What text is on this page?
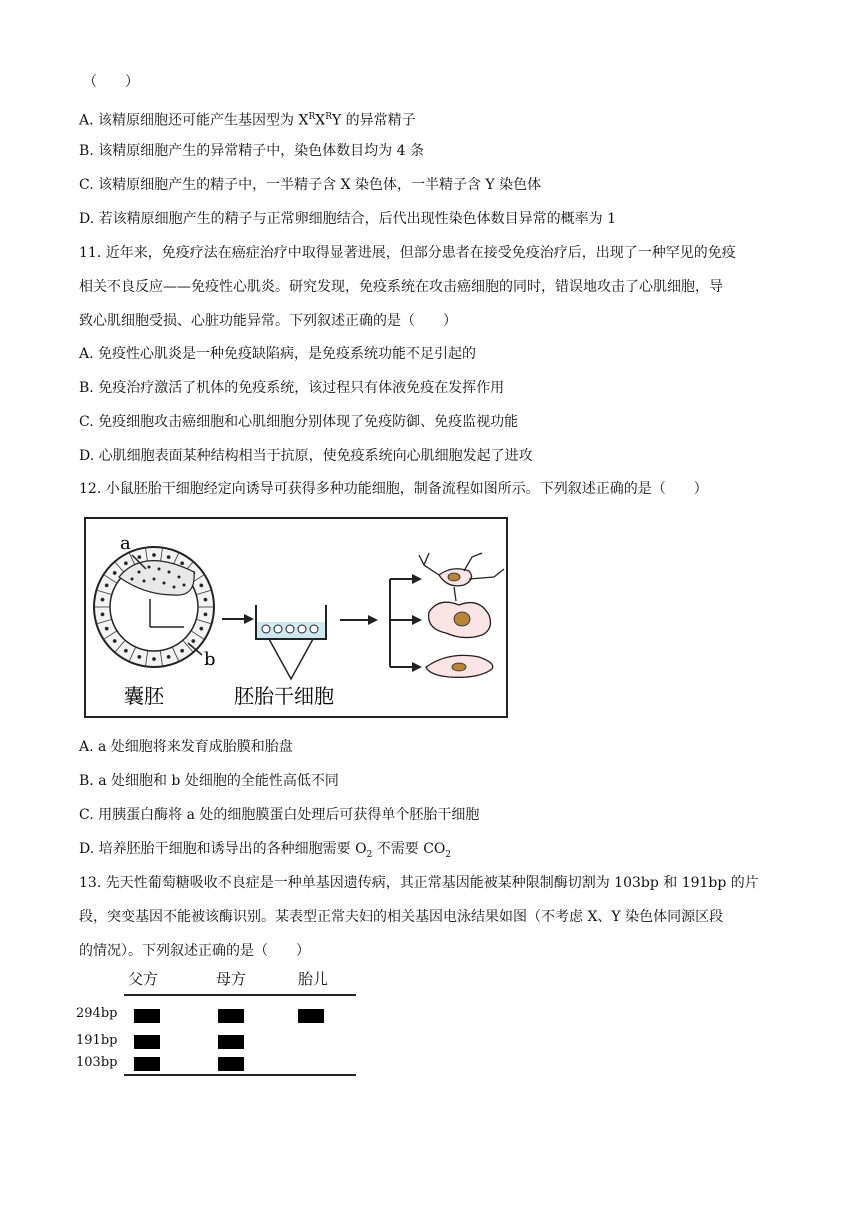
（　　）
A. 该精原细胞还可能产生基因型为 $X^RX^RY$ 的异常精子
B. 该精原细胞产生的异常精子中，染色体数目均为 4 条
C. 该精原细胞产生的精子中，一半精子含 X 染色体，一半精子含 Y 染色体
D. 若该精原细胞产生的精子与正常卵细胞结合，后代出现性染色体数目异常的概率为 1
11. 近年来，免疫疗法在癌症治疗中取得显著进展，但部分患者在接受免疫治疗后，出现了一种罕见的免疫
相关不良反应——免疫性心肌炎。研究发现，免疫系统在攻击癌细胞的同时，错误地攻击了心肌细胞，导
致心肌细胞受损、心脏功能异常。下列叙述正确的是（　　）
A. 免疫性心肌炎是一种免疫缺陷病，是免疫系统功能不足引起的
B. 免疫治疗激活了机体的免疫系统，该过程只有体液免疫在发挥作用
C. 免疫细胞攻击癌细胞和心肌细胞分别体现了免疫防御、免疫监视功能
D. 心肌细胞表面某种结构相当于抗原，使免疫系统向心肌细胞发起了进攻
12. 小鼠胚胎干细胞经定向诱导可获得多种功能细胞，制备流程如图所示。下列叙述正确的是（　　）
a
b
囊胚	胚胎干细胞
A. a 处细胞将来发育成胎膜和胎盘
B. a 处细胞和 b 处细胞的全能性高低不同
C. 用胰蛋白酶将 a 处的细胞膜蛋白处理后可获得单个胚胎干细胞
D. 培养胚胎干细胞和诱导出的各种细胞需要 $O_2$ 不需要 $CO_2$
13. 先天性葡萄糖吸收不良症是一种单基因遗传病，其正常基因能被某种限制酶切割为 103bp 和 191bp 的片
段，突变基因不能被该酶识别。某表型正常夫妇的相关基因电泳结果如图（不考虑 X、Y 染色体同源区段
的情况）。下列叙述正确的是（　　）
父方	母方	胎儿
294bp
191bp
103bp
